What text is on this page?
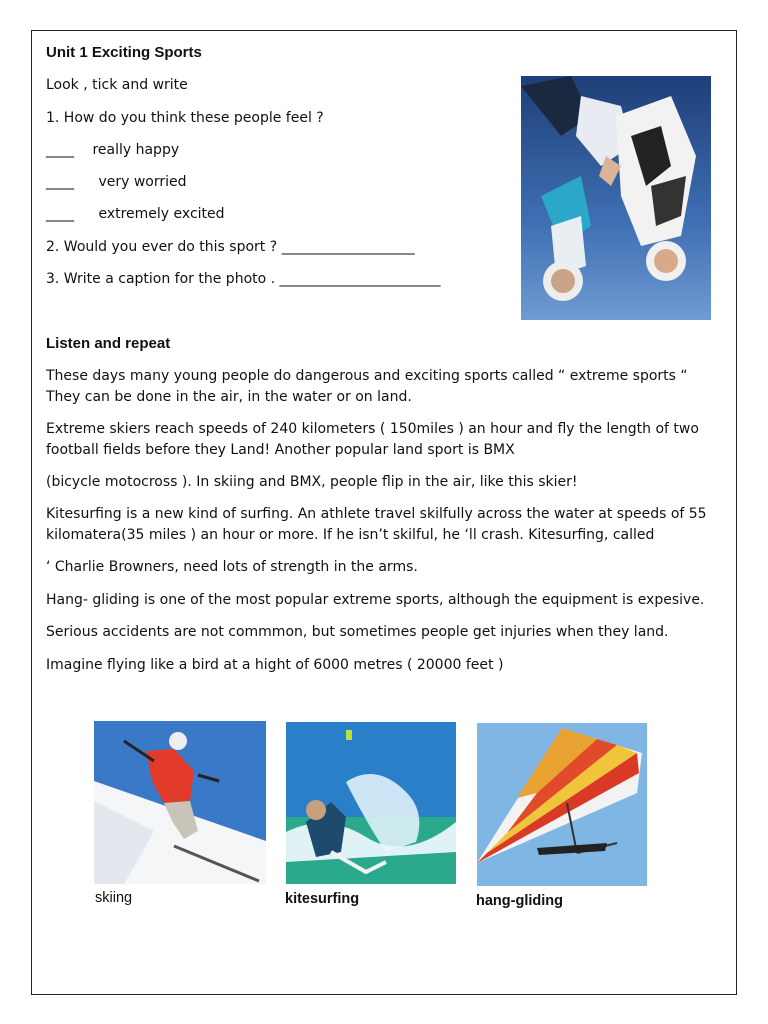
Unit 1 Exciting Sports
Look , tick and write
1. How do you think these people feel ?
____ really happy
____ very worried
____ extremely excited
2. Would you ever do this sport ? ___________________
3. Write a caption for the photo . _______________________
Listen and repeat
These days many young people do dangerous and exciting sports called “ extreme sports “ They can be done in the air, in the water or on land.
Extreme skiers reach speeds of 240 kilometers ( 150miles ) an hour and fly the length of two football fields before they Land! Another popular land sport is BMX
(bicycle motocross ). In skiing and BMX, people flip in the air, like this skier!
Kitesurfing is a new kind of surfing. An athlete travel skilfully across the water at speeds of 55 kilomatera(35 miles ) an hour or more. If he isn’t skilful, he ‘ll crash. Kitesurfing, called
‘ Charlie Browners, need lots of strength in the arms.
Hang- gliding is one of the most popular extreme sports, although the equipment is expesive.
Serious accidents are not commmon, but sometimes people get injuries when they land.
Imagine flying like a bird at a hight of 6000 metres ( 20000 feet )
skiing	kitesurfing	hang-gliding
